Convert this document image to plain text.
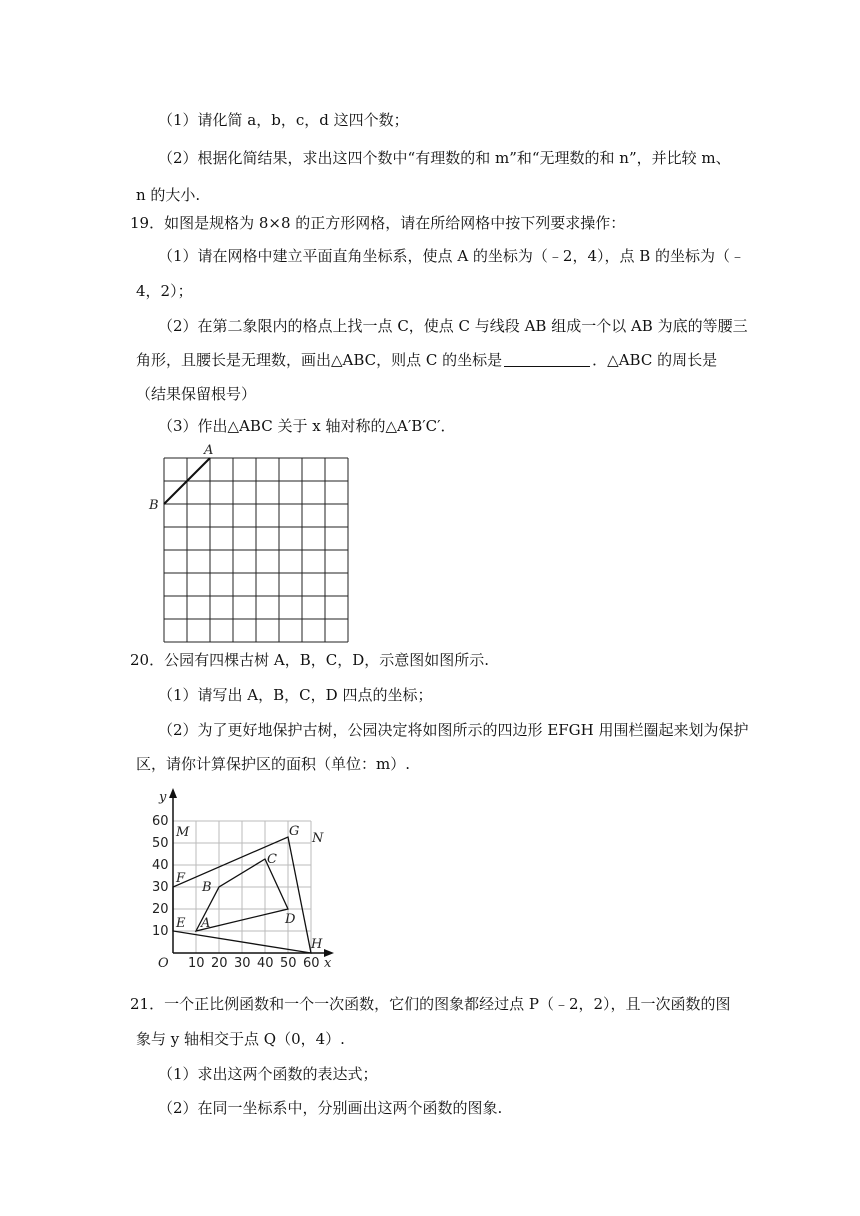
（1）请化简 a，b，c，d 这四个数；
（2）根据化简结果，求出这四个数中“有理数的和 m”和“无理数的和 n”，并比较 m、
n 的大小.
19．如图是规格为 8×8 的正方形网格，请在所给网格中按下列要求操作：
（1）请在网格中建立平面直角坐标系，使点 A 的坐标为（﹣2，4），点 B 的坐标为（﹣
4，2）；
（2）在第二象限内的格点上找一点 C，使点 C 与线段 AB 组成一个以 AB 为底的等腰三
角形，且腰长是无理数，画出△ABC，则点 C 的坐标是	．△ABC 的周长是
（结果保留根号）
（3）作出△ABC 关于 x 轴对称的△A′B′C′．
A
B
20．公园有四棵古树 A，B，C，D，示意图如图所示.
（1）请写出 A，B，C，D 四点的坐标；
（2）为了更好地保护古树，公园决定将如图所示的四边形 EFGH 用围栏圈起来划为保护
区，请你计算保护区的面积（单位：m）.
y
x
O
60
50
40
30
20
10
10 20 30 40 50 60
M	G N
C
F
B
D
E A
H
21．一个正比例函数和一个一次函数，它们的图象都经过点 P（﹣2，2），且一次函数的图
象与 y 轴相交于点 Q（0，4）.
（1）求出这两个函数的表达式；
（2）在同一坐标系中，分别画出这两个函数的图象.
